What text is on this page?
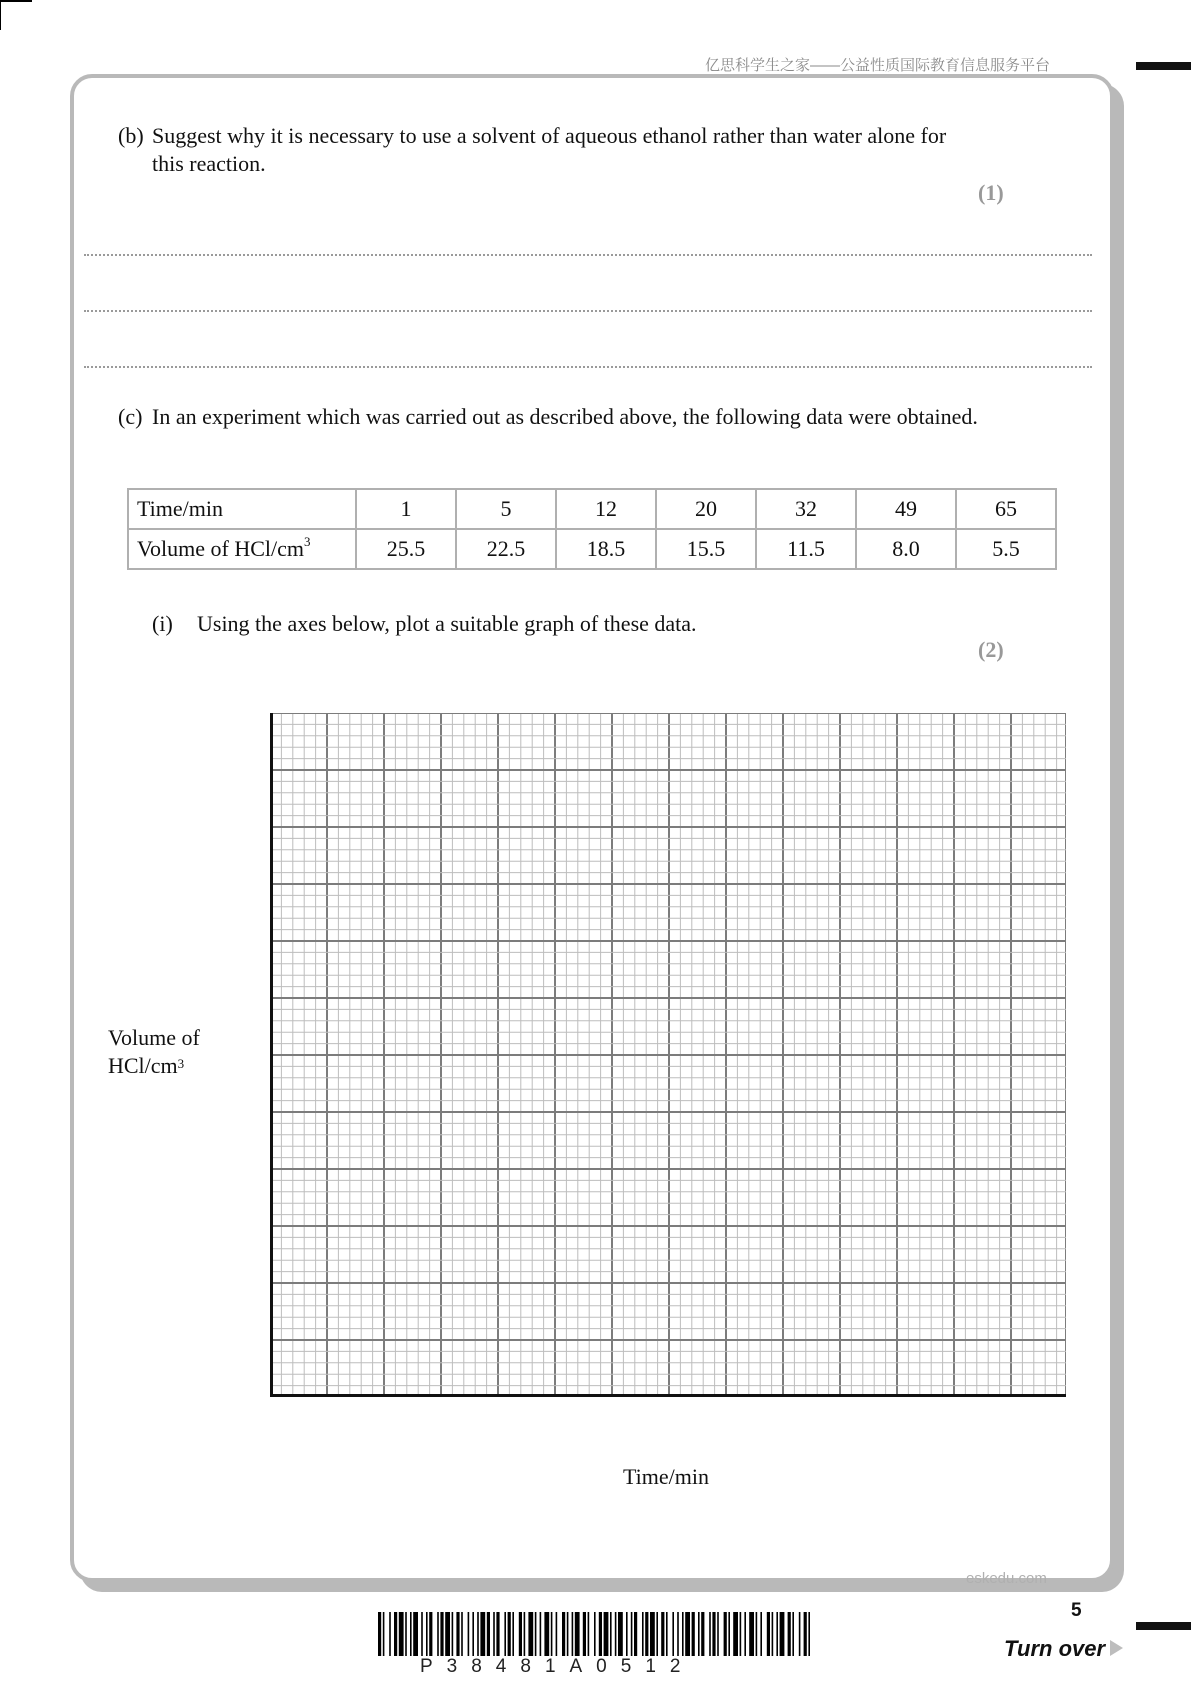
亿思科学生之家——公益性质国际教育信息服务平台
(b) Suggest why it is necessary to use a solvent of aqueous ethanol rather than water alone for this reaction.
(1)
(c) In an experiment which was carried out as described above, the following data were obtained.
Time/min	1	5	12	20	32	49	65
Volume of HCl/$cm^3$	25.5	22.5	18.5	15.5	11.5	8.0	5.5
(i) Using the axes below, plot a suitable graph of these data.
(2)
Volume of
HCl/$cm^3$
Time/min
eskedu.com
5
P38481A0512
Turn over
